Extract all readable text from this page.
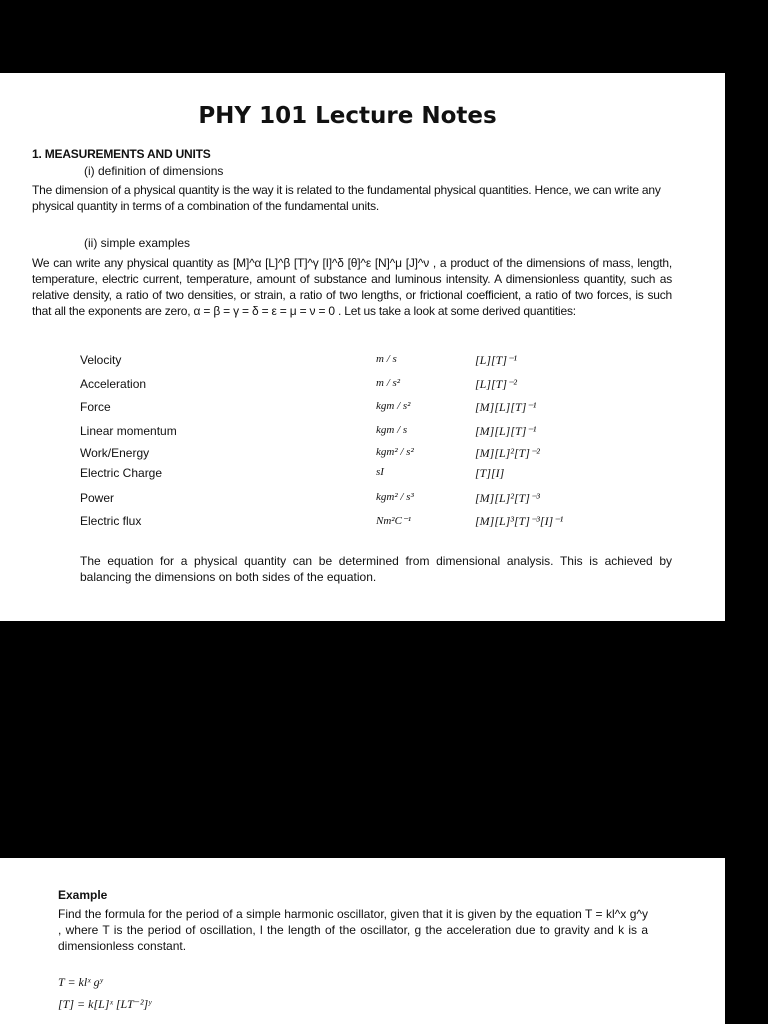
PHY 101 Lecture Notes
1. MEASUREMENTS AND UNITS
(i) definition of dimensions
The dimension of a physical quantity is the way it is related to the fundamental physical quantities. Hence, we can write any physical quantity in terms of a combination of the fundamental units.
(ii) simple examples
We can write any physical quantity as [M]^α [L]^β [T]^γ [I]^δ [θ]^ε [N]^μ [J]^ν , a product of the dimensions of mass, length, temperature, electric current, temperature, amount of substance and luminous intensity. A dimensionless quantity, such as relative density, a ratio of two densities, or strain, a ratio of two lengths, or frictional coefficient, a ratio of two forces, is such that all the exponents are zero, α = β = γ = δ = ε = μ = ν = 0 . Let us take a look at some derived quantities:
Velocity	m / s	[L][T]⁻¹
Acceleration	m / s²	[L][T]⁻²
Force	kgm / s²	[M][L][T]⁻¹
Linear momentum	kgm / s	[M][L][T]⁻¹
Work/Energy	kgm² / s²	[M][L]²[T]⁻²
Electric Charge	sI	[T][I]
Power	kgm² / s³	[M][L]²[T]⁻³
Electric flux	Nm²C⁻¹	[M][L]³[T]⁻³[I]⁻¹
The equation for a physical quantity can be determined from dimensional analysis. This is achieved by balancing the dimensions on both sides of the equation.
Example
Find the formula for the period of a simple harmonic oscillator, given that it is given by the equation T = kl^x g^y , where T is the period of oscillation, l the length of the oscillator, g the acceleration due to gravity and k is a dimensionless constant.
T = klˣ gʸ
[T] = k[L]ˣ [LT⁻²]ʸ
